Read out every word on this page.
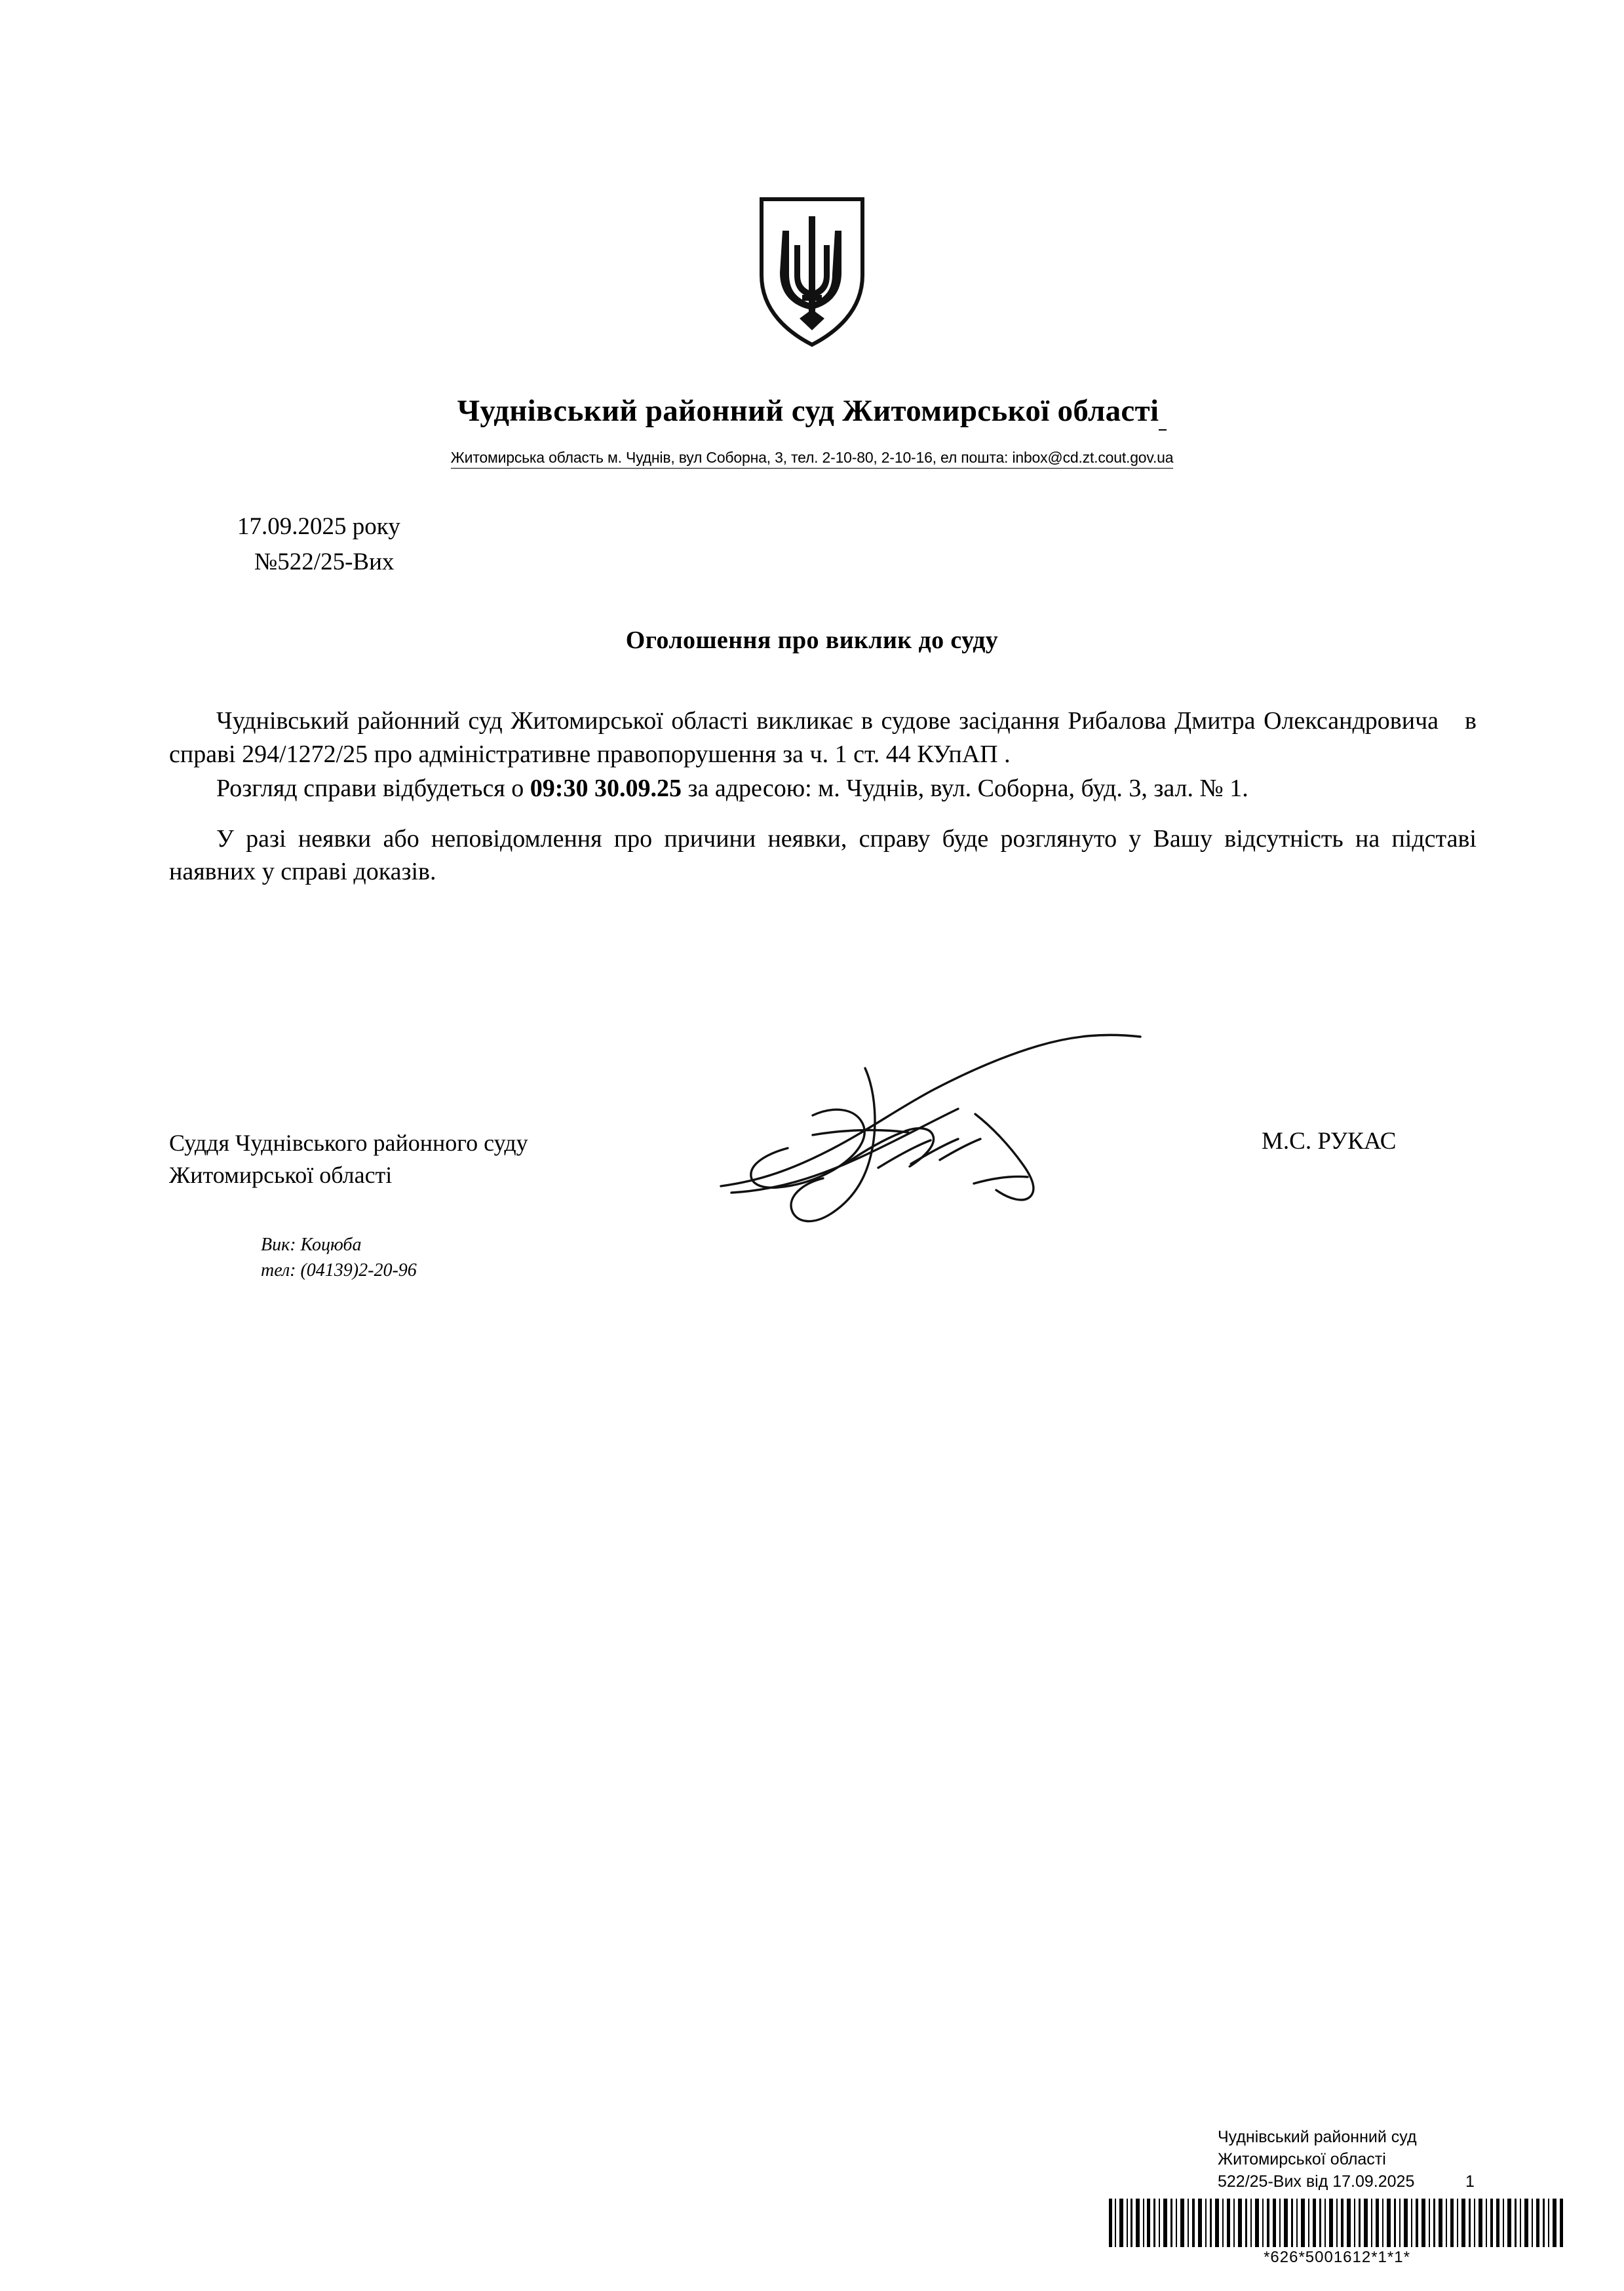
Чуднівський районний суд Житомирської області
Житомирська область м. Чуднів, вул Соборна, 3, тел. 2-10-80, 2-10-16, ел пошта: inbox@cd.zt.cout.gov.ua
17.09.2025 року
№522/25-Вих
Оголошення про виклик до суду

Чуднівський районний суд Житомирської області викликає в судове засідання Рибалова Дмитра Олександровича в справі 294/1272/25 про адміністративне правопорушення за ч. 1 ст. 44 КУпАП .

Розгляд справи відбудеться о 09:30 30.09.25 за адресою: м. Чуднів, вул. Соборна, буд. 3, зал. № 1.

У разі неявки або неповідомлення про причини неявки, справу буде розглянуто у Вашу відсутність на підставі наявних у справі доказів.

Суддя Чуднівського районного суду
Житомирської області
М.С. РУКАС
Вик: Коцюба
тел: (04139)2-20-96
Чуднівський районний суд
Житомирської області
522/25-Вих від 17.09.2025	1
*626*5001612*1*1*
